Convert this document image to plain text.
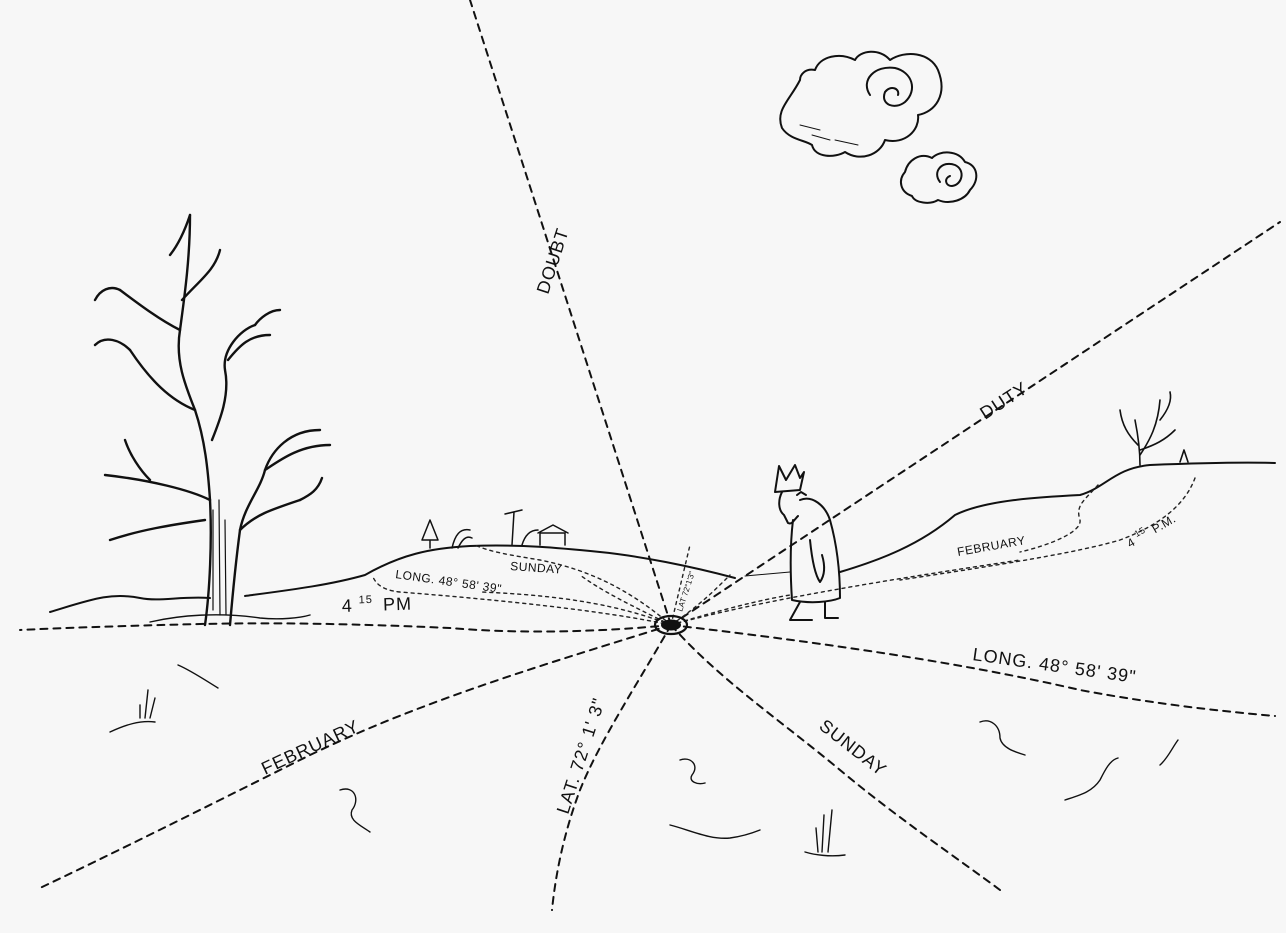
DOUBT
DUTY
FEBRUARY	LAT. 72° 1' 3"	SUNDAY
LONG. 48° 58' 39"
4 $^{15}$ PM
LONG. 48° 58' 39" SUNDAY
LAT 72°1'3"
FEBRUARY	4 $^{15}$ P.M.
